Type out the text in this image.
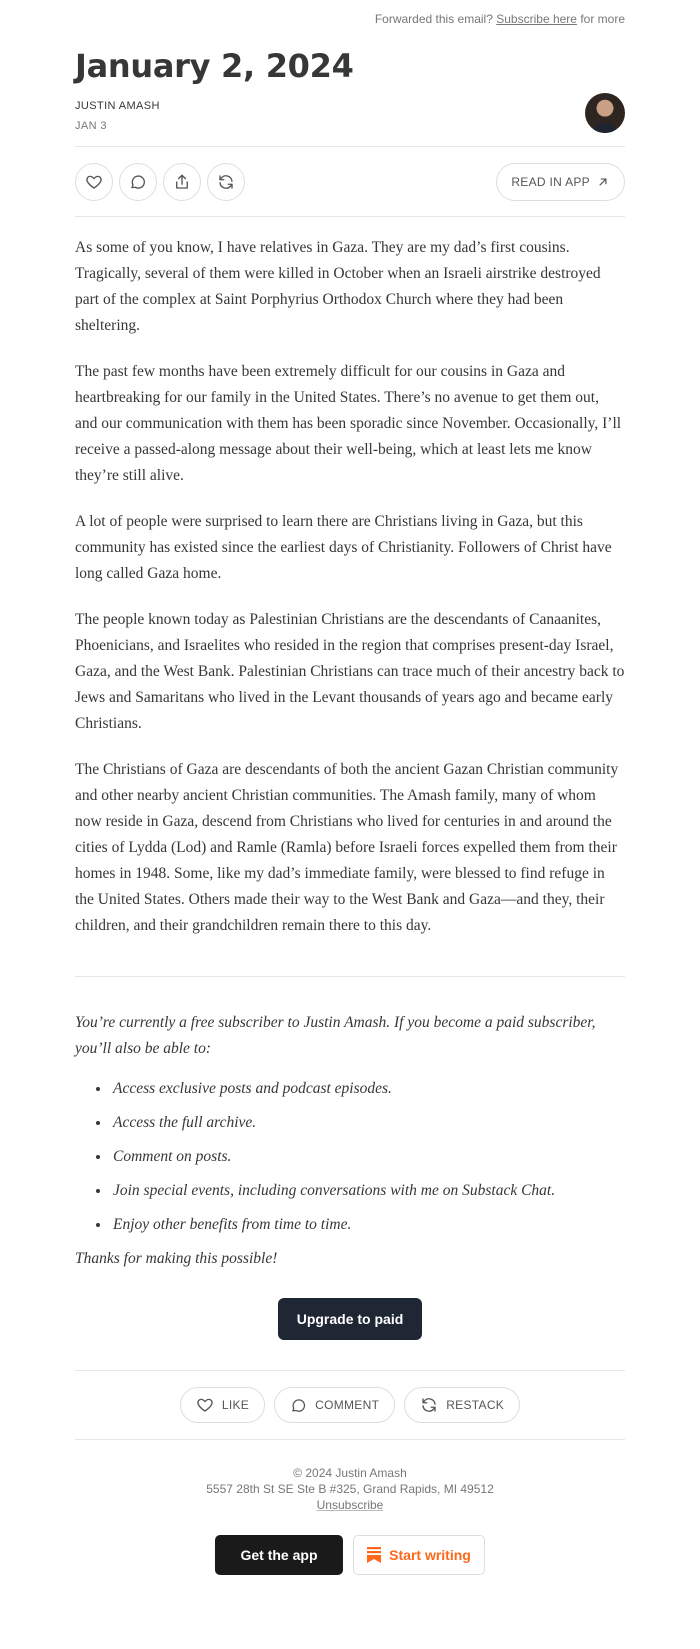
Forwarded this email? Subscribe here for more
January 2, 2024
JUSTIN AMASH
JAN 3
READ IN APP

As some of you know, I have relatives in Gaza. They are my dad’s first cousins. Tragically, several of them were killed in October when an Israeli airstrike destroyed part of the complex at Saint Porphyrius Orthodox Church where they had been sheltering.

The past few months have been extremely difficult for our cousins in Gaza and heartbreaking for our family in the United States. There’s no avenue to get them out, and our communication with them has been sporadic since November. Occasionally, I’ll receive a passed-along message about their well-being, which at least lets me know they’re still alive.

A lot of people were surprised to learn there are Christians living in Gaza, but this community has existed since the earliest days of Christianity. Followers of Christ have long called Gaza home.

The people known today as Palestinian Christians are the descendants of Canaanites, Phoenicians, and Israelites who resided in the region that comprises present-day Israel, Gaza, and the West Bank. Palestinian Christians can trace much of their ancestry back to Jews and Samaritans who lived in the Levant thousands of years ago and became early Christians.

The Christians of Gaza are descendants of both the ancient Gazan Christian community and other nearby ancient Christian communities. The Amash family, many of whom now reside in Gaza, descend from Christians who lived for centuries in and around the cities of Lydda (Lod) and Ramle (Ramla) before Israeli forces expelled them from their homes in 1948. Some, like my dad’s immediate family, were blessed to find refuge in the United States. Others made their way to the West Bank and Gaza—and they, their children, and their grandchildren remain there to this day.

You’re currently a free subscriber to Justin Amash. If you become a paid subscriber, you’ll also be able to:

• Access exclusive posts and podcast episodes.
• Access the full archive.
• Comment on posts.
• Join special events, including conversations with me on Substack Chat.
• Enjoy other benefits from time to time.

Thanks for making this possible!

Upgrade to paid
LIKE	COMMENT	RESTACK
© 2024 Justin Amash
5557 28th St SE Ste B #325, Grand Rapids, MI 49512
Unsubscribe
Get the app	Start writing
